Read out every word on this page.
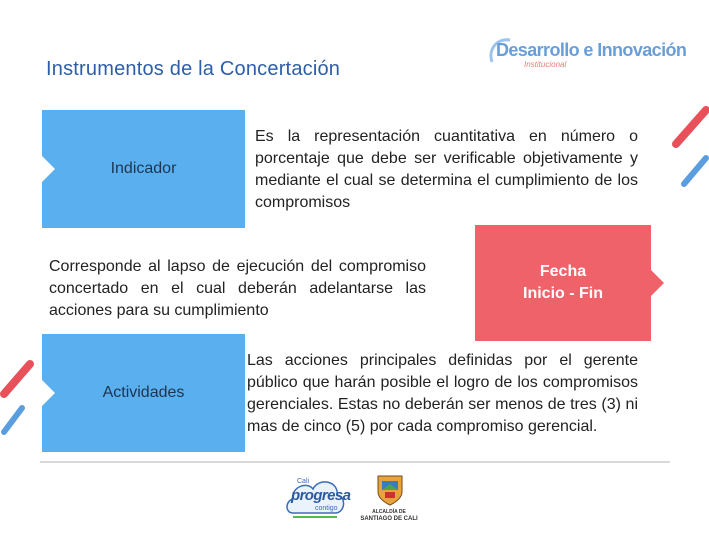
Instrumentos de la Concertación
Desarrollo e Innovación
Institucional
Indicador
Es la representación cuantitativa en número o porcentaje que debe ser verificable objetivamente y mediante el cual se determina el cumplimiento de los compromisos
Corresponde al lapso de ejecución del compromiso concertado en el cual deberán adelantarse las acciones para su cumplimiento
Fecha
Inicio - Fin
Actividades
Las acciones principales definidas por el gerente público que harán posible el logro de los compromisos gerenciales. Estas no deberán ser menos de tres (3) ni mas de cinco (5) por cada compromiso gerencial.
Cali
progresa
contigo	ALCALDÍA DE
SANTIAGO DE CALI
